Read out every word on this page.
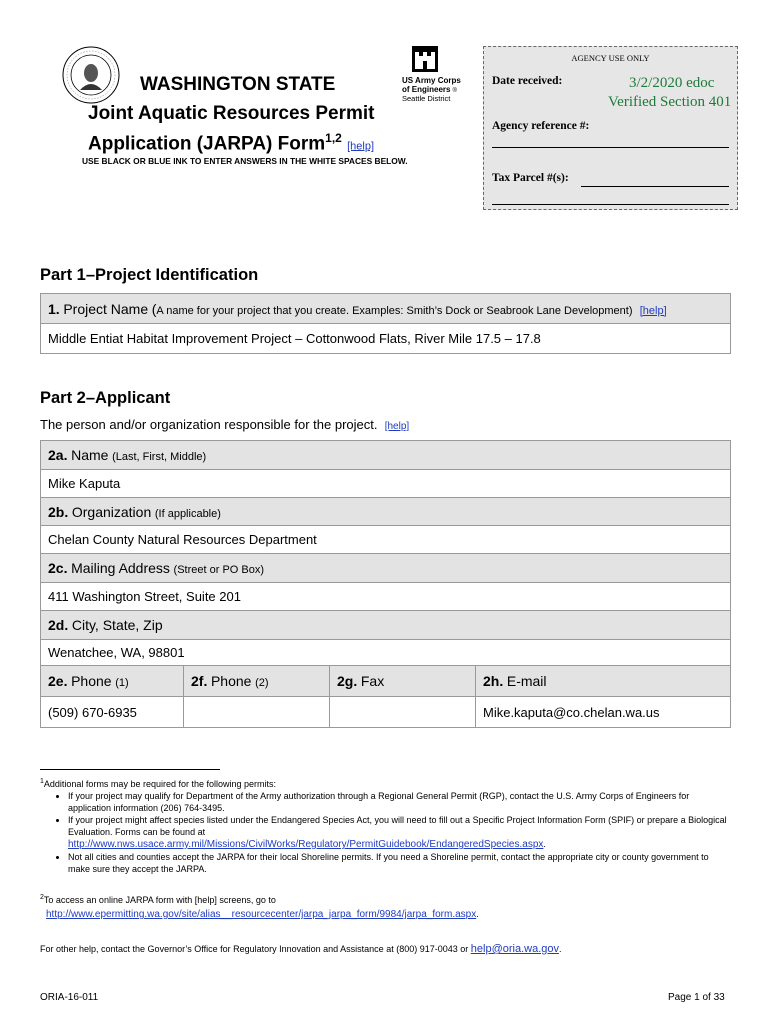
WASHINGTON STATE
Joint Aquatic Resources Permit
Application (JARPA) Form$^{1,2}$ [help]
USE BLACK OR BLUE INK TO ENTER ANSWERS IN THE WHITE SPACES BELOW.
US Army Corps
of Engineers ®
Seattle District
AGENCY USE ONLY
Date received:	3/2/2020 edoc
Verified Section 401
Agency reference #:
Tax Parcel #(s):
Part 1–Project Identification
1. Project Name (A name for your project that you create. Examples: Smith’s Dock or Seabrook Lane Development) [help]
Middle Entiat Habitat Improvement Project – Cottonwood Flats, River Mile 17.5 – 17.8
Part 2–Applicant
The person and/or organization responsible for the project. [help]
2a. Name (Last, First, Middle)
Mike Kaputa
2b. Organization (If applicable)
Chelan County Natural Resources Department
2c. Mailing Address (Street or PO Box)
411 Washington Street, Suite 201
2d. City, State, Zip
Wenatchee, WA, 98801
2e. Phone (1)	2f. Phone (2)	2g. Fax	2h. E-mail
(509) 670-6935			Mike.kaputa@co.chelan.wa.us
$^1$Additional forms may be required for the following permits:
• If your project may qualify for Department of the Army authorization through a Regional General Permit (RGP), contact the U.S. Army Corps of Engineers for application information (206) 764-3495.
• If your project might affect species listed under the Endangered Species Act, you will need to fill out a Specific Project Information Form (SPIF) or prepare a Biological Evaluation. Forms can be found at
http://www.nws.usace.army.mil/Missions/CivilWorks/Regulatory/PermitGuidebook/EndangeredSpecies.aspx.
• Not all cities and counties accept the JARPA for their local Shoreline permits. If you need a Shoreline permit, contact the appropriate city or county government to make sure they accept the JARPA.
$^2$To access an online JARPA form with [help] screens, go to
http://www.epermitting.wa.gov/site/alias__resourcecenter/jarpa_jarpa_form/9984/jarpa_form.aspx.
For other help, contact the Governor’s Office for Regulatory Innovation and Assistance at (800) 917-0043 or help@oria.wa.gov.
ORIA-16-011	Page 1 of 33
